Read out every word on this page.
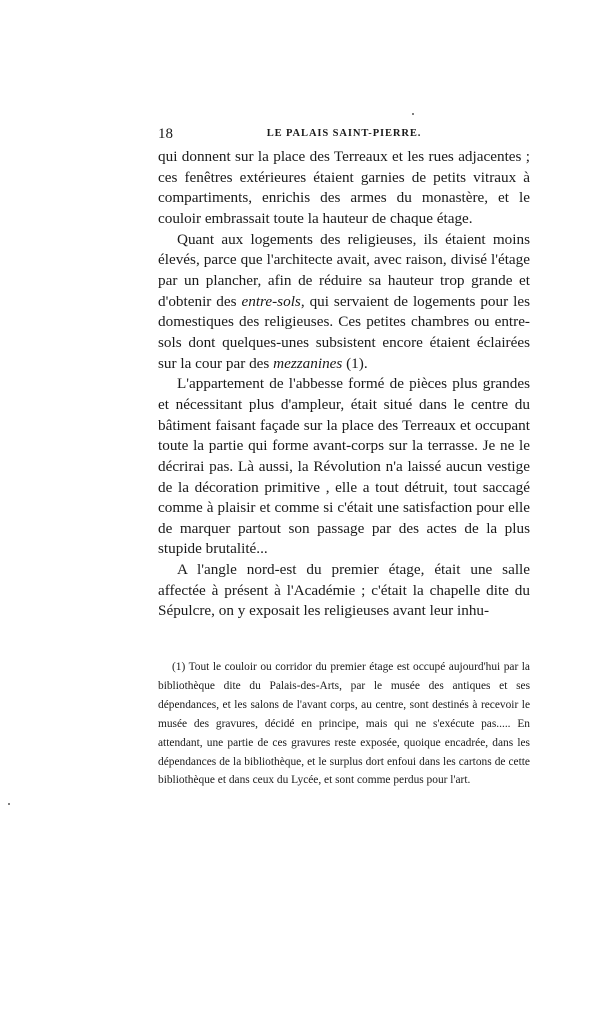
18	LE PALAIS SAINT-PIERRE.

qui donnent sur la place des Terreaux et les rues adjacentes ; ces fenêtres extérieures étaient garnies de petits vitraux à compartiments, enrichis des armes du monastère, et le couloir embrassait toute la hauteur de chaque étage.

Quant aux logements des religieuses, ils étaient moins élevés, parce que l'architecte avait, avec raison, divisé l'étage par un plancher, afin de réduire sa hauteur trop grande et d'obtenir des entre-sols, qui servaient de logements pour les domestiques des religieuses. Ces petites chambres ou entre-sols dont quelques-unes subsistent encore étaient éclairées sur la cour par des mezzanines (1).

L'appartement de l'abbesse formé de pièces plus grandes et nécessitant plus d'ampleur, était situé dans le centre du bâtiment faisant façade sur la place des Terreaux et occupant toute la partie qui forme avant-corps sur la terrasse. Je ne le décrirai pas. Là aussi, la Révolution n'a laissé aucun vestige de la décoration primitive , elle a tout détruit, tout saccagé comme à plaisir et comme si c'était une satisfaction pour elle de marquer partout son passage par des actes de la plus stupide brutalité...

A l'angle nord-est du premier étage, était une salle affectée à présent à l'Académie ; c'était la chapelle dite du Sépulcre, on y exposait les religieuses avant leur inhu-

(1) Tout le couloir ou corridor du premier étage est occupé aujourd'hui par la bibliothèque dite du Palais-des-Arts, par le musée des antiques et ses dépendances, et les salons de l'avant corps, au centre, sont destinés à recevoir le musée des gravures, décidé en principe, mais qui ne s'exécute pas..... En attendant, une partie de ces gravures reste exposée, quoique encadrée, dans les dépendances de la bibliothèque, et le surplus dort enfoui dans les cartons de cette bibliothèque et dans ceux du Lycée, et sont comme perdus pour l'art.
